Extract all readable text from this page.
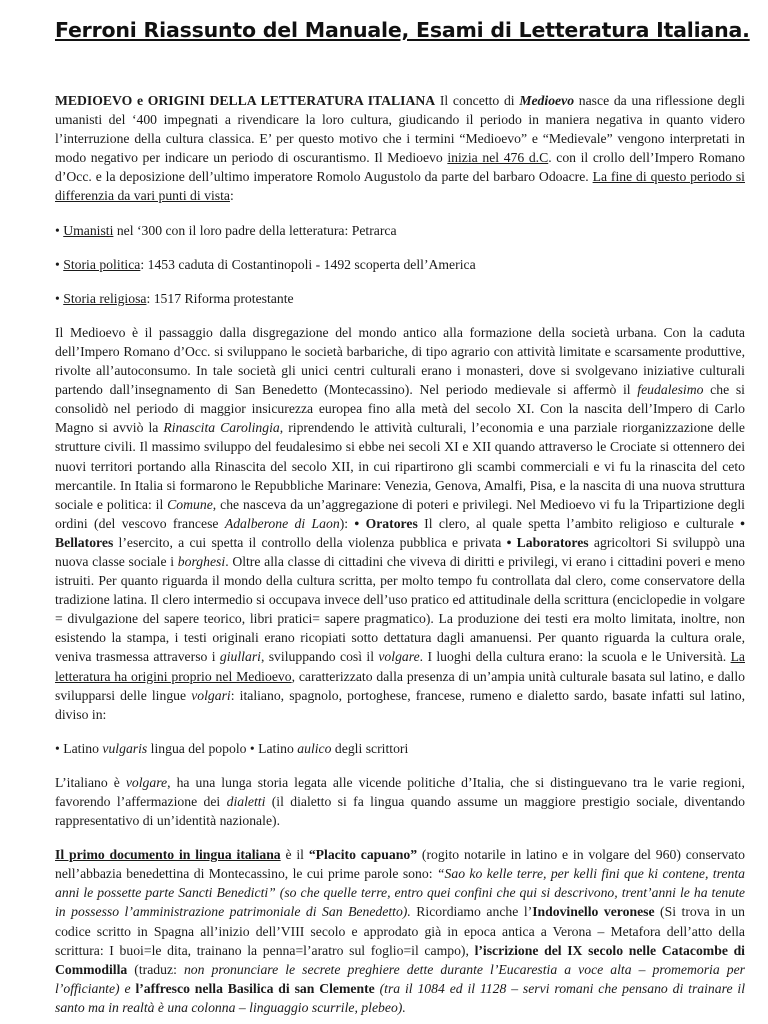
Ferroni Riassunto del Manuale, Esami di Letteratura Italiana.

MEDIOEVO e ORIGINI DELLA LETTERATURA ITALIANA Il concetto di Medioevo nasce da una riflessione degli umanisti del ‘400 impegnati a rivendicare la loro cultura, giudicando il periodo in maniera negativa in quanto videro l’interruzione della cultura classica. E’ per questo motivo che i termini “Medioevo” e “Medievale” vengono interpretati in modo negativo per indicare un periodo di oscurantismo. Il Medioevo inizia nel 476 d.C. con il crollo dell’Impero Romano d’Occ. e la deposizione dell’ultimo imperatore Romolo Augustolo da parte del barbaro Odoacre. La fine di questo periodo si differenzia da vari punti di vista:

• Umanisti nel ‘300 con il loro padre della letteratura: Petrarca

• Storia politica: 1453 caduta di Costantinopoli - 1492 scoperta dell’America

• Storia religiosa: 1517 Riforma protestante

Il Medioevo è il passaggio dalla disgregazione del mondo antico alla formazione della società urbana. Con la caduta dell’Impero Romano d’Occ. si sviluppano le società barbariche, di tipo agrario con attività limitate e scarsamente produttive, rivolte all’autoconsumo. In tale società gli unici centri culturali erano i monasteri, dove si svolgevano iniziative culturali partendo dall’insegnamento di San Benedetto (Montecassino). Nel periodo medievale si affermò il feudalesimo che si consolidò nel periodo di maggior insicurezza europea fino alla metà del secolo XI. Con la nascita dell’Impero di Carlo Magno si avviò la Rinascita Carolingia, riprendendo le attività culturali, l’economia e una parziale riorganizzazione delle strutture civili. Il massimo sviluppo del feudalesimo si ebbe nei secoli XI e XII quando attraverso le Crociate si ottennero dei nuovi territori portando alla Rinascita del secolo XII, in cui ripartirono gli scambi commerciali e vi fu la rinascita del ceto mercantile. In Italia si formarono le Repubbliche Marinare: Venezia, Genova, Amalfi, Pisa, e la nascita di una nuova struttura sociale e politica: il Comune, che nasceva da un’aggregazione di poteri e privilegi. Nel Medioevo vi fu la Tripartizione degli ordini (del vescovo francese Adalberone di Laon): • Oratores Il clero, al quale spetta l’ambito religioso e culturale • Bellatores l’esercito, a cui spetta il controllo della violenza pubblica e privata • Laboratores agricoltori Si sviluppò una nuova classe sociale i borghesi. Oltre alla classe di cittadini che viveva di diritti e privilegi, vi erano i cittadini poveri e meno istruiti. Per quanto riguarda il mondo della cultura scritta, per molto tempo fu controllata dal clero, come conservatore della tradizione latina. Il clero intermedio si occupava invece dell’uso pratico ed attitudinale della scrittura (enciclopedie in volgare = divulgazione del sapere teorico, libri pratici= sapere pragmatico). La produzione dei testi era molto limitata, inoltre, non esistendo la stampa, i testi originali erano ricopiati sotto dettatura dagli amanuensi. Per quanto riguarda la cultura orale, veniva trasmessa attraverso i giullari, sviluppando così il volgare. I luoghi della cultura erano: la scuola e le Università. La letteratura ha origini proprio nel Medioevo, caratterizzato dalla presenza di un’ampia unità culturale basata sul latino, e dallo svilupparsi delle lingue volgari: italiano, spagnolo, portoghese, francese, rumeno e dialetto sardo, basate infatti sul latino, diviso in:

• Latino vulgaris lingua del popolo • Latino aulico degli scrittori

L’italiano è volgare, ha una lunga storia legata alle vicende politiche d’Italia, che si distinguevano tra le varie regioni, favorendo l’affermazione dei dialetti (il dialetto si fa lingua quando assume un maggiore prestigio sociale, diventando rappresentativo di un’identità nazionale).

Il primo documento in lingua italiana è il “Placito capuano” (rogito notarile in latino e in volgare del 960) conservato nell’abbazia benedettina di Montecassino, le cui prime parole sono: “Sao ko kelle terre, per kelli fini que ki contene, trenta anni le possette parte Sancti Benedicti” (so che quelle terre, entro quei confini che qui si descrivono, trent’anni le ha tenute in possesso l’amministrazione patrimoniale di San Benedetto). Ricordiamo anche l’Indovinello veronese (Si trova in un codice scritto in Spagna all’inizio dell’VIII secolo e approdato già in epoca antica a Verona – Metafora dell’atto della scrittura: I buoi=le dita, trainano la penna=l’aratro sul foglio=il campo), l’iscrizione del IX secolo nelle Catacombe di Commodilla (traduz: non pronunciare le secrete preghiere dette durante l’Eucarestia a voce alta – promemoria per l’officiante) e l’affresco nella Basilica di san Clemente (tra il 1084 ed il 1128 – servi romani che pensano di trainare il santo ma in realtà è una colonna – linguaggio scurrile, plebeo).
